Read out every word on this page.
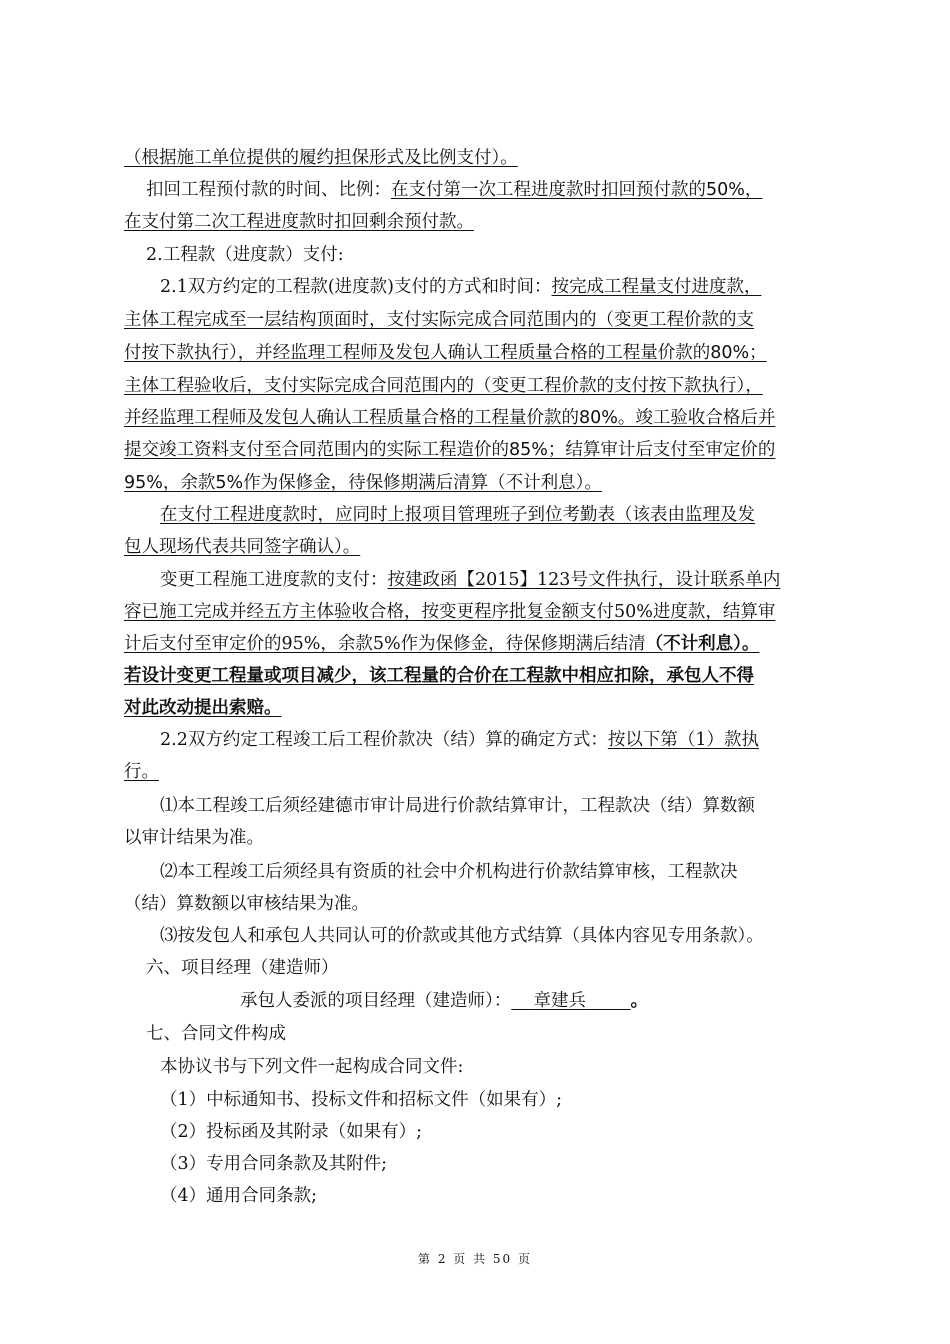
（根据施工单位提供的履约担保形式及比例支付）。
扣回工程预付款的时间、比例：在支付第一次工程进度款时扣回预付款的50%，
在支付第二次工程进度款时扣回剩余预付款。
2.工程款（进度款）支付:
2.1双方约定的工程款(进度款)支付的方式和时间：按完成工程量支付进度款，
主体工程完成至一层结构顶面时，支付实际完成合同范围内的（变更工程价款的支
付按下款执行），并经监理工程师及发包人确认工程质量合格的工程量价款的80%；
主体工程验收后，支付实际完成合同范围内的（变更工程价款的支付按下款执行），
并经监理工程师及发包人确认工程质量合格的工程量价款的80%。竣工验收合格后并
提交竣工资料支付至合同范围内的实际工程造价的85%；结算审计后支付至审定价的
95%，余款5%作为保修金，待保修期满后清算（不计利息）。
在支付工程进度款时，应同时上报项目管理班子到位考勤表（该表由监理及发
包人现场代表共同签字确认）。
变更工程施工进度款的支付：按建政函【2015】123号文件执行，设计联系单内
容已施工完成并经五方主体验收合格，按变更程序批复金额支付50%进度款，结算审
计后支付至审定价的95%，余款5%作为保修金，待保修期满后结清（不计利息）。
若设计变更工程量或项目减少，该工程量的合价在工程款中相应扣除，承包人不得
对此改动提出索赔。
2.2双方约定工程竣工后工程价款决（结）算的确定方式：按以下第（1）款执
行。
⑴本工程竣工后须经建德市审计局进行价款结算审计，工程款决（结）算数额
以审计结果为准。
⑵本工程竣工后须经具有资质的社会中介机构进行价款结算审核，工程款决
（结）算数额以审核结果为准。
⑶按发包人和承包人共同认可的价款或其他方式结算（具体内容见专用条款）。
六、项目经理（建造师）
承包人委派的项目经理（建造师）： 章建兵	。
七、合同文件构成
本协议书与下列文件一起构成合同文件:
（1）中标通知书、投标文件和招标文件（如果有）;
（2）投标函及其附录（如果有）;
（3）专用合同条款及其附件;
（4）通用合同条款;
第 2 页 共 50 页
